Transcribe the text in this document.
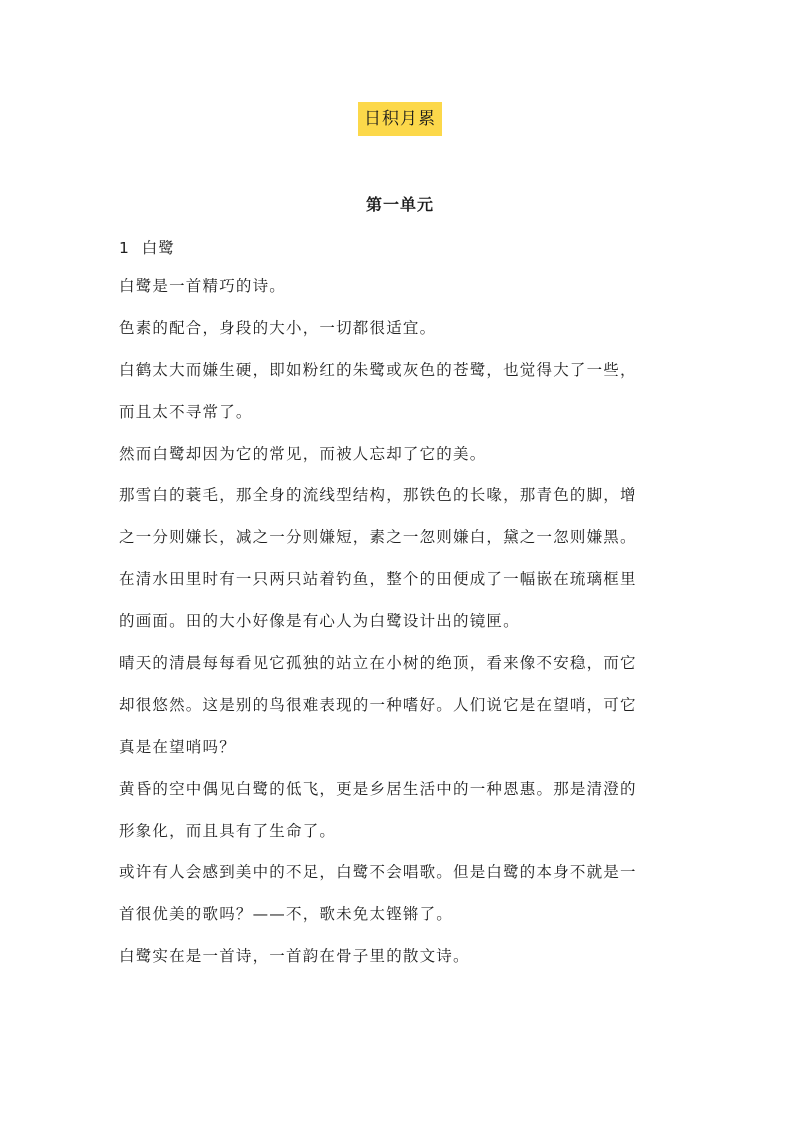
日积月累
第一单元
1  白鹭
白鹭是一首精巧的诗。
色素的配合，身段的大小，一切都很适宜。
白鹤太大而嫌生硬，即如粉红的朱鹭或灰色的苍鹭，也觉得大了一些，
而且太不寻常了。
然而白鹭却因为它的常见，而被人忘却了它的美。
那雪白的蓑毛，那全身的流线型结构，那铁色的长喙，那青色的脚，增
之一分则嫌长，减之一分则嫌短，素之一忽则嫌白，黛之一忽则嫌黑。
在清水田里时有一只两只站着钓鱼，整个的田便成了一幅嵌在琉璃框里
的画面。田的大小好像是有心人为白鹭设计出的镜匣。
晴天的清晨每每看见它孤独的站立在小树的绝顶，看来像不安稳，而它
却很悠然。这是别的鸟很难表现的一种嗜好。人们说它是在望哨，可它
真是在望哨吗？
黄昏的空中偶见白鹭的低飞，更是乡居生活中的一种恩惠。那是清澄的
形象化，而且具有了生命了。
或许有人会感到美中的不足，白鹭不会唱歌。但是白鹭的本身不就是一
首很优美的歌吗？——不，歌未免太铿锵了。
白鹭实在是一首诗，一首韵在骨子里的散文诗。
